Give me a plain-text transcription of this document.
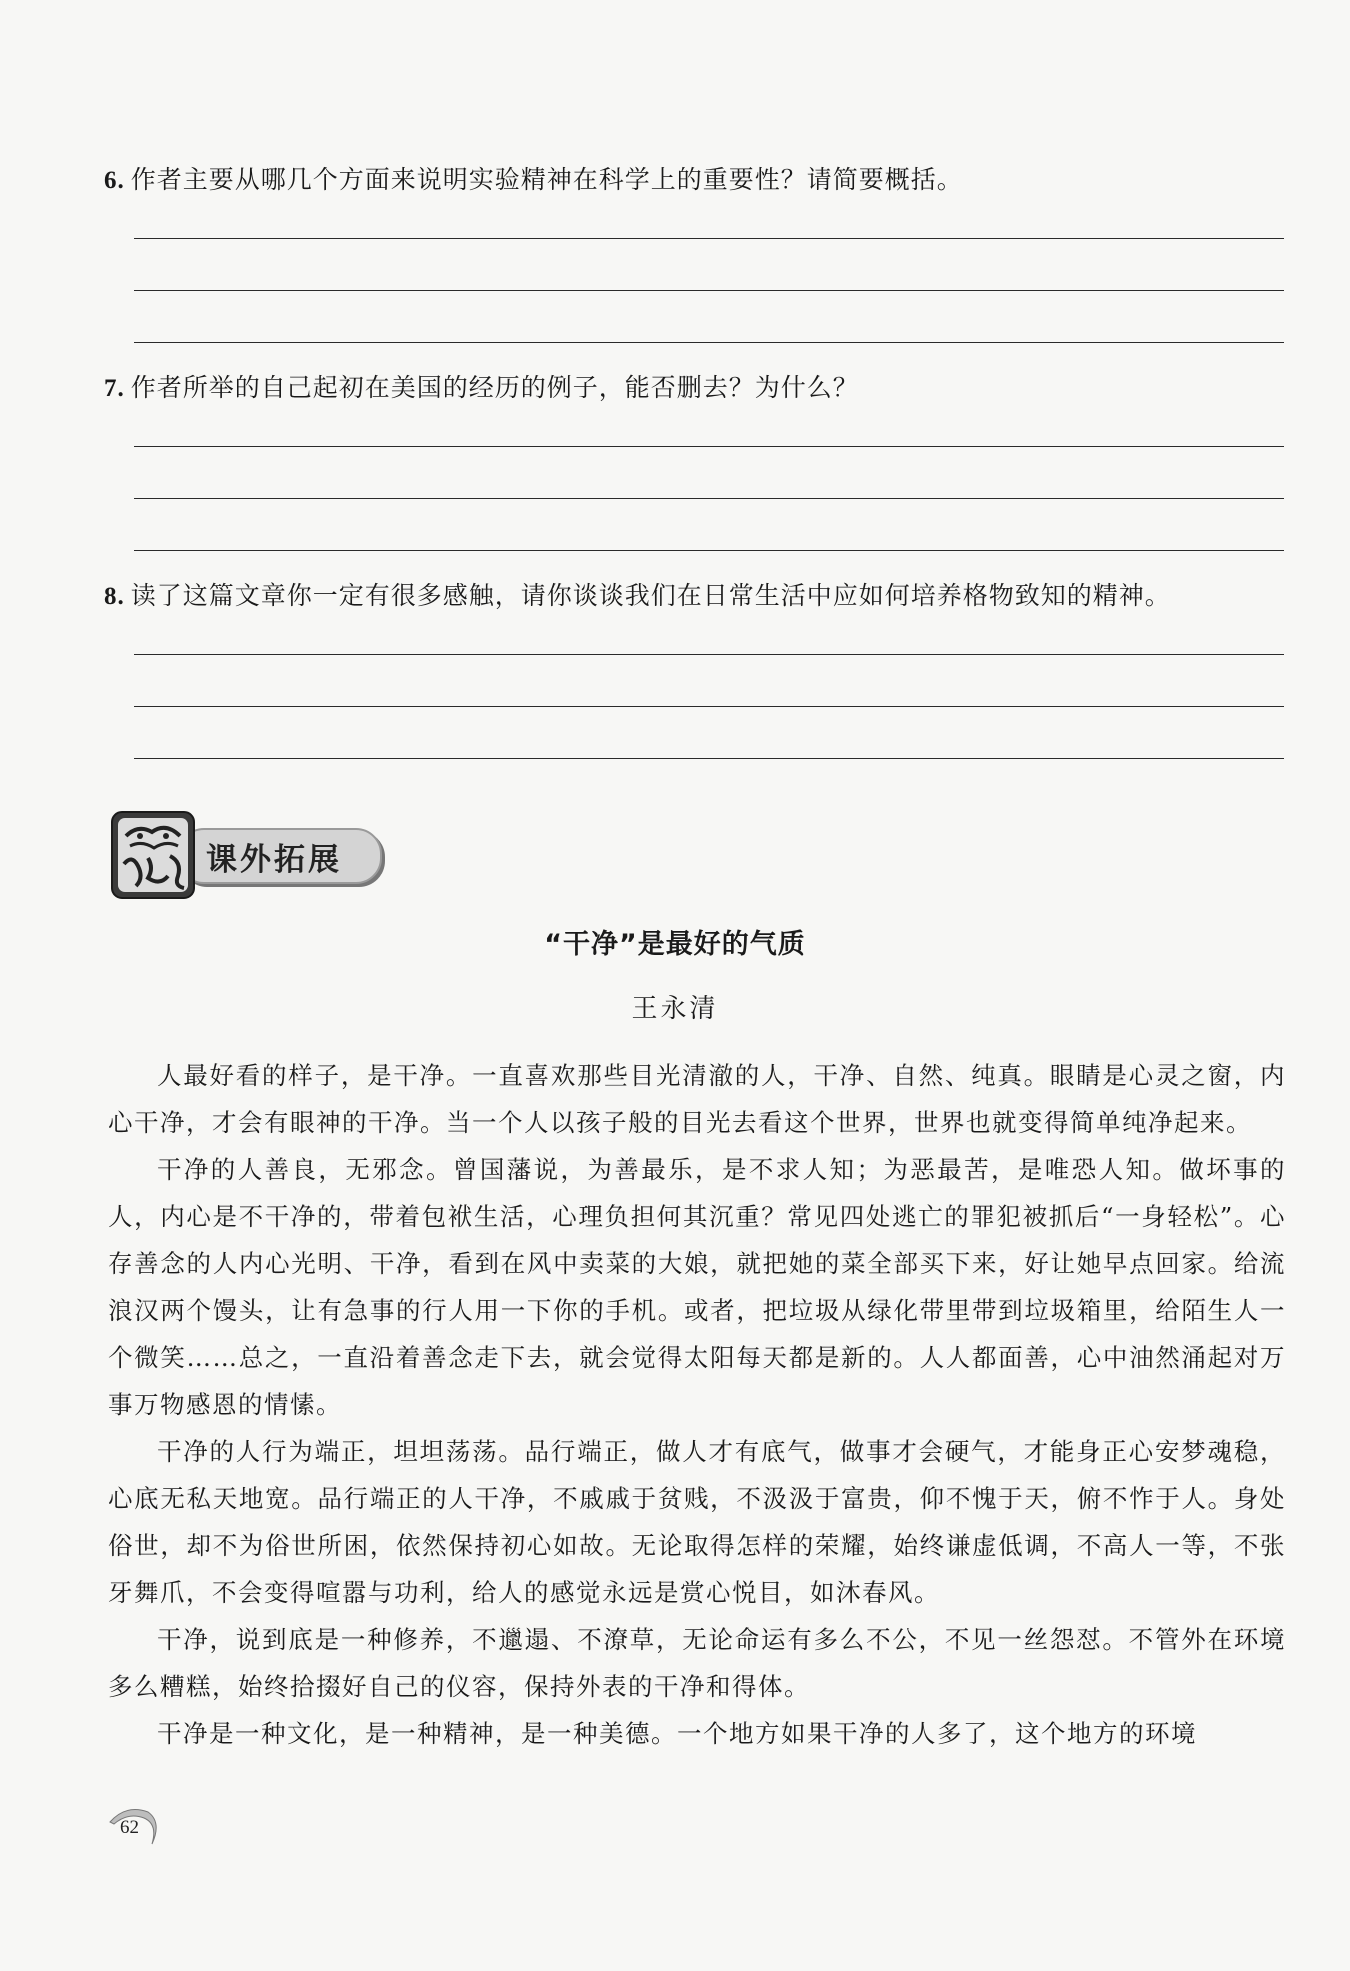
6. 作者主要从哪几个方面来说明实验精神在科学上的重要性？请简要概括。
7. 作者所举的自己起初在美国的经历的例子，能否删去？为什么？
8. 读了这篇文章你一定有很多感触，请你谈谈我们在日常生活中应如何培养格物致知的精神。
课外拓展
“干净”是最好的气质
王永清

人最好看的样子，是干净。一直喜欢那些目光清澈的人，干净、自然、纯真。眼睛是心灵之窗，内心干净，才会有眼神的干净。当一个人以孩子般的目光去看这个世界，世界也就变得简单纯净起来。

干净的人善良，无邪念。曾国藩说，为善最乐，是不求人知；为恶最苦，是唯恐人知。做坏事的人，内心是不干净的，带着包袱生活，心理负担何其沉重？常见四处逃亡的罪犯被抓后“一身轻松”。心存善念的人内心光明、干净，看到在风中卖菜的大娘，就把她的菜全部买下来，好让她早点回家。给流浪汉两个馒头，让有急事的行人用一下你的手机。或者，把垃圾从绿化带里带到垃圾箱里，给陌生人一个微笑……总之，一直沿着善念走下去，就会觉得太阳每天都是新的。人人都面善，心中油然涌起对万事万物感恩的情愫。

干净的人行为端正，坦坦荡荡。品行端正，做人才有底气，做事才会硬气，才能身正心安梦魂稳，心底无私天地宽。品行端正的人干净，不戚戚于贫贱，不汲汲于富贵，仰不愧于天，俯不怍于人。身处俗世，却不为俗世所困，依然保持初心如故。无论取得怎样的荣耀，始终谦虚低调，不高人一等，不张牙舞爪，不会变得喧嚣与功利，给人的感觉永远是赏心悦目，如沐春风。

干净，说到底是一种修养，不邋遢、不潦草，无论命运有多么不公，不见一丝怨怼。不管外在环境多么糟糕，始终拾掇好自己的仪容，保持外表的干净和得体。

干净是一种文化，是一种精神，是一种美德。一个地方如果干净的人多了，这个地方的环境

62
